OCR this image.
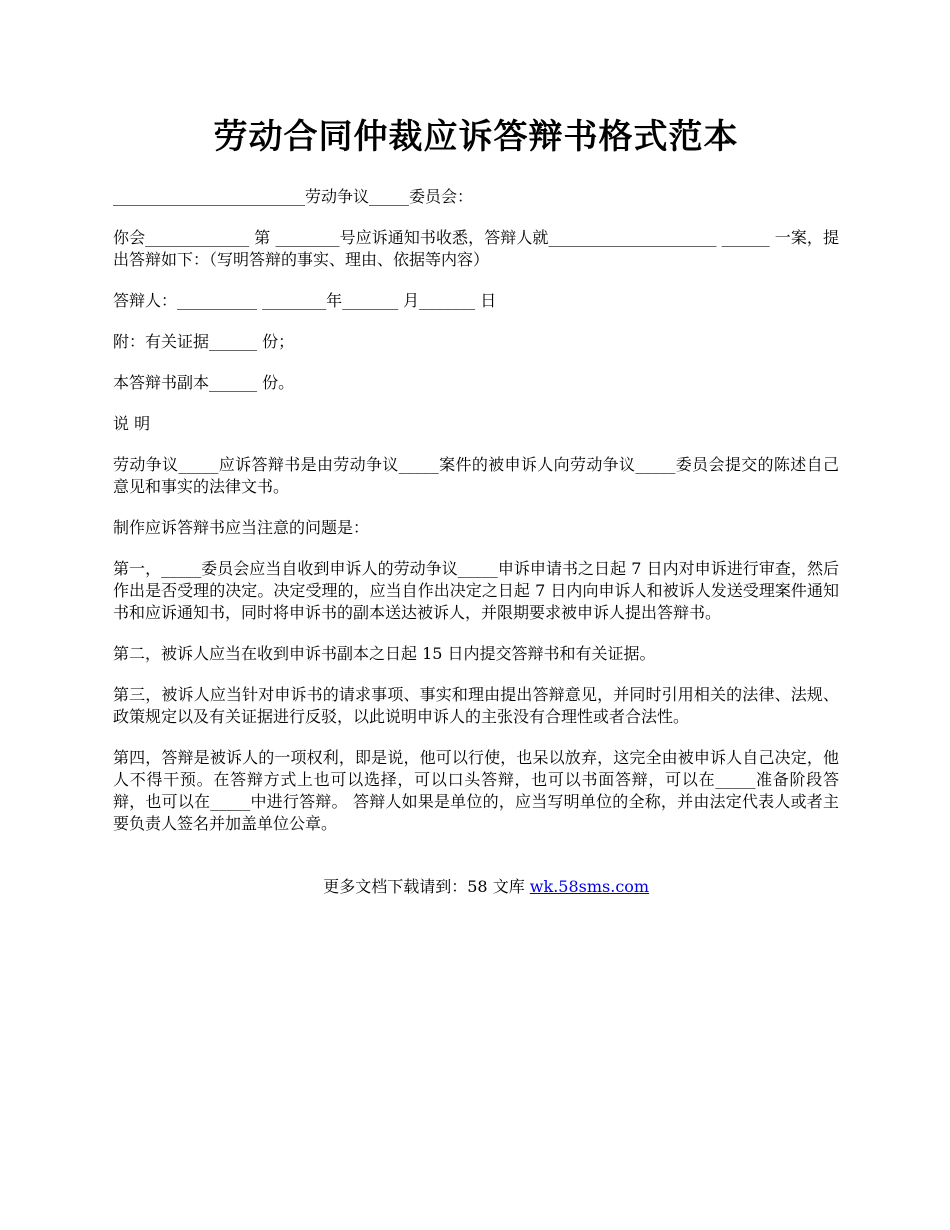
劳动合同仲裁应诉答辩书格式范本
________________________劳动争议_____委员会：
你会_____________ 第 ________号应诉通知书收悉，答辩人就_____________________ ______ 一案，提出答辩如下：（写明答辩的事实、理由、依据等内容）
答辩人：__________ ________年_______ 月_______ 日
附：有关证据______ 份；
本答辩书副本______ 份。
说 明
劳动争议_____应诉答辩书是由劳动争议_____案件的被申诉人向劳动争议_____委员会提交的陈述自己意见和事实的法律文书。
制作应诉答辩书应当注意的问题是：
第一，_____委员会应当自收到申诉人的劳动争议_____申诉申请书之日起 7 日内对申诉进行审查，然后作出是否受理的决定。决定受理的，应当自作出决定之日起 7 日内向申诉人和被诉人发送受理案件通知书和应诉通知书，同时将申诉书的副本送达被诉人，并限期要求被申诉人提出答辩书。
第二，被诉人应当在收到申诉书副本之日起 15 日内提交答辩书和有关证据。
第三，被诉人应当针对申诉书的请求事项、事实和理由提出答辩意见，并同时引用相关的法律、法规、政策规定以及有关证据进行反驳，以此说明申诉人的主张没有合理性或者合法性。
第四，答辩是被诉人的一项权利，即是说，他可以行使，也呆以放弃，这完全由被申诉人自己决定，他人不得干预。在答辩方式上也可以选择，可以口头答辩，也可以书面答辩，可以在_____准备阶段答辩，也可以在_____中进行答辩。 答辩人如果是单位的，应当写明单位的全称，并由法定代表人或者主要负责人签名并加盖单位公章。

更多文档下载请到：58 文库 wk.58sms.com
